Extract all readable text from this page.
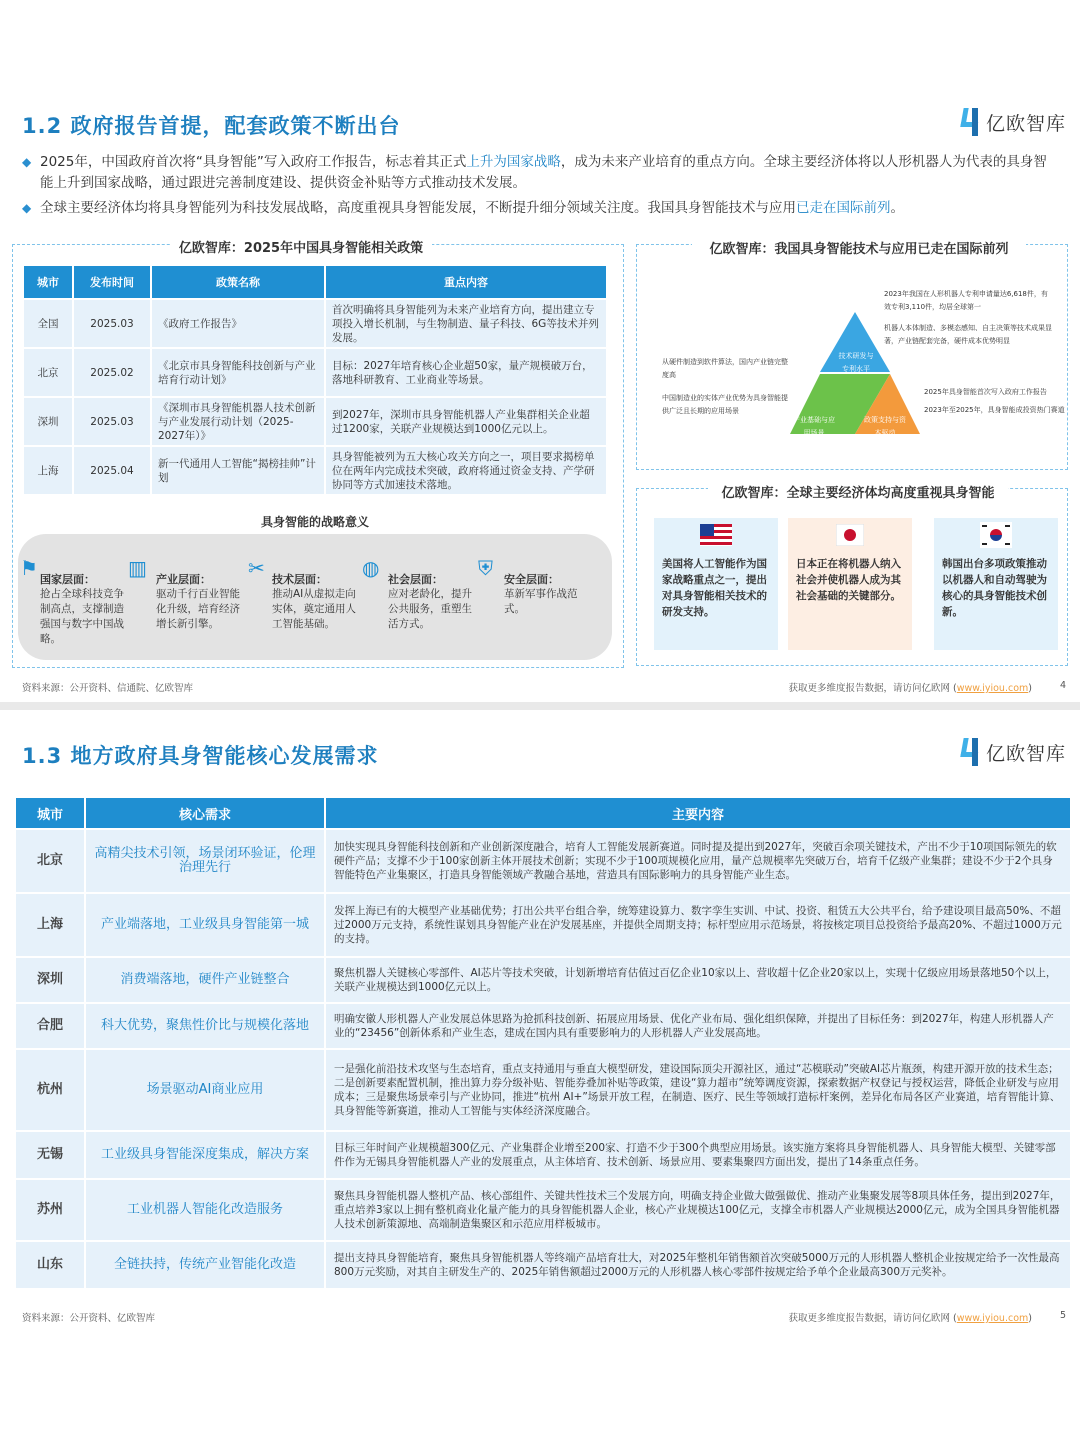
1.2 政府报告首提，配套政策不断出台	亿欧智库
◆ 2025年，中国政府首次将“具身智能”写入政府工作报告，标志着其正式上升为国家战略，成为未来产业培育的重点方向。全球主要经济体将以人形机器人为代表的具身智能上升到国家战略，通过跟进完善制度建设、提供资金补贴等方式推动技术发展。
◆ 全球主要经济体均将具身智能列为科技发展战略，高度重视具身智能发展，不断提升细分领域关注度。我国具身智能技术与应用已走在国际前列。
亿欧智库：2025年中国具身智能相关政策
城市	发布时间	政策名称	重点内容
全国	2025.03	《政府工作报告》	首次明确将具身智能列为未来产业培育方向，提出建立专项投入增长机制，与生物制造、量子科技、6G等技术并列发展。
北京	2025.02	《北京市具身智能科技创新与产业培育行动计划》	目标：2027年培育核心企业超50家，量产规模破万台，落地科研教育、工业商业等场景。
深圳	2025.03	《深圳市具身智能机器人技术创新与产业发展行动计划（2025-2027年）》	到2027年，深圳市具身智能机器人产业集群相关企业超过1200家，关联产业规模达到1000亿元以上。
上海	2025.04	新一代通用人工智能“揭榜挂帅”计划	具身智能被列为五大核心攻关方向之一，项目要求揭榜单位在两年内完成技术突破，政府将通过资金支持、产学研协同等方式加速技术落地。
具身智能的战略意义
⚑ 国家层面：
抢占全球科技竞争制高点，支撑制造强国与数字中国战略。
▥ 产业层面：
驱动千行百业智能化升级，培育经济增长新引擎。
✂ 技术层面：
推动AI从虚拟走向实体，奠定通用人工智能基础。
◍ 社会层面：
应对老龄化，提升公共服务，重塑生活方式。
⛨ 安全层面：
革新军事作战范式。
亿欧智库：我国具身智能技术与应用已走在国际前列
技术研发与专利水平
产业基础与应用场景
政策支持与资本驱动
2023年我国在人形机器人专利申请量达6,618件，有效专利3,110件，均居全球第一
机器人本体制造、多模态感知、自主决策等技术成果显著，产业链配套完备，硬件成本优势明显
从硬件制造到软件算法，国内产业链完整度高
中国制造业的实体产业优势为具身智能提供广泛且长期的应用场景
2025年具身智能首次写入政府工作报告
2023年至2025年，具身智能成投资热门赛道
亿欧智库：全球主要经济体均高度重视具身智能
美国将人工智能作为国家战略重点之一，提出对具身智能相关技术的研发支持。
日本正在将机器人纳入社会并使机器人成为其社会基础的关键部分。
韩国出台多项政策推动以机器人和自动驾驶为核心的具身智能技术创新。
资料来源：公开资料、信通院、亿欧智库	获取更多维度报告数据，请访问亿欧网 (www.iyiou.com)	4
1.3 地方政府具身智能核心发展需求	亿欧智库
城市	核心需求	主要内容
北京	高精尖技术引领，场景闭环验证，伦理治理先行	加快实现具身智能科技创新和产业创新深度融合，培育人工智能发展新赛道。同时提及提出到2027年，突破百余项关键技术，产出不少于10项国际领先的软硬件产品；支撑不少于100家创新主体开展技术创新；实现不少于100项规模化应用，量产总规模率先突破万台，培育千亿级产业集群；建设不少于2个具身智能特色产业集聚区，打造具身智能领域产教融合基地，营造具有国际影响力的具身智能产业生态。
上海	产业端落地，工业级具身智能第一城	发挥上海已有的大模型产业基础优势；打出公共平台组合拳，统筹建设算力、数字孪生实训、中试、投资、租赁五大公共平台，给予建设项目最高50%、不超过2000万元支持，系统性谋划具身智能产业在沪发展基座，并提供全周期支持；标杆型应用示范场景，将按核定项目总投资给予最高20%、不超过1000万元的支持。
深圳	消费端落地，硬件产业链整合	聚焦机器人关键核心零部件、AI芯片等技术突破，计划新增培育估值过百亿企业10家以上、营收超十亿企业20家以上，实现十亿级应用场景落地50个以上，关联产业规模达到1000亿元以上。
合肥	科大优势，聚焦性价比与规模化落地	明确安徽人形机器人产业发展总体思路为抢抓科技创新、拓展应用场景、优化产业布局、强化组织保障，并提出了目标任务：到2027年，构建人形机器人产业的“23456”创新体系和产业生态，建成在国内具有重要影响力的人形机器人产业发展高地。
杭州	场景驱动AI商业应用	一是强化前沿技术攻坚与生态培育，重点支持通用与垂直大模型研发，建设国际顶尖开源社区，通过“芯模联动”突破AI芯片瓶颈，构建开源开放的技术生态；二是创新要素配置机制，推出算力券分级补贴、智能券叠加补贴等政策，建设“算力超市”统筹调度资源，探索数据产权登记与授权运营，降低企业研发与应用成本；三是聚焦场景牵引与产业协同，推进“杭州 AI+”场景开放工程，在制造、医疗、民生等领域打造标杆案例，差异化布局各区产业赛道，培育智能计算、具身智能等新赛道，推动人工智能与实体经济深度融合。
无锡	工业级具身智能深度集成，解决方案	目标三年时间产业规模超300亿元、产业集群企业增至200家、打造不少于300个典型应用场景。该实施方案将具身智能机器人、具身智能大模型、关键零部件作为无锡具身智能机器人产业的发展重点，从主体培育、技术创新、场景应用、要素集聚四方面出发，提出了14条重点任务。
苏州	工业机器人智能化改造服务	聚焦具身智能机器人整机产品、核心部组件、关键共性技术三个发展方向，明确支持企业做大做强做优、推动产业集聚发展等8项具体任务，提出到2027年，重点培养3家以上拥有整机商业化量产能力的具身智能机器人企业，核心产业规模达100亿元，支撑全市机器人产业规模达2000亿元，成为全国具身智能机器人技术创新策源地、高端制造集聚区和示范应用样板城市。
山东	全链扶持，传统产业智能化改造	提出支持具身智能培育，聚焦具身智能机器人等终端产品培育壮大，对2025年整机年销售额首次突破5000万元的人形机器人整机企业按规定给予一次性最高800万元奖励，对其自主研发生产的、2025年销售额超过2000万元的人形机器人核心零部件按规定给予单个企业最高300万元奖补。
资料来源：公开资料、亿欧智库	获取更多维度报告数据，请访问亿欧网 (www.iyiou.com)	5
